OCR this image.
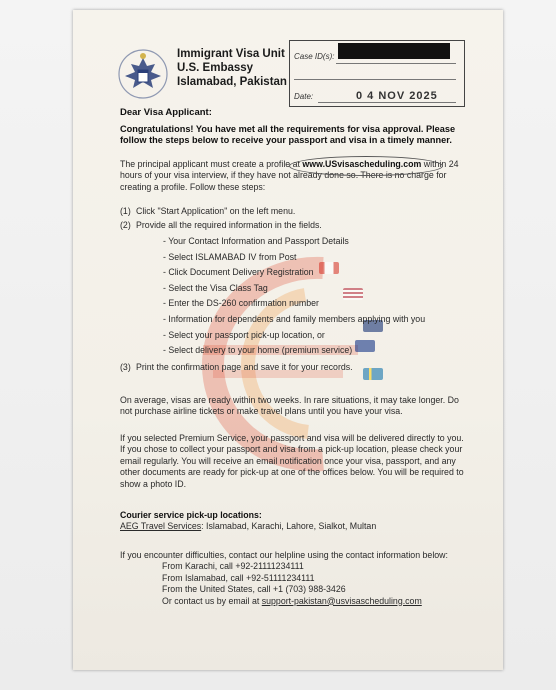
Immigrant Visa Unit
U.S. Embassy
Islamabad, Pakistan
Case ID(s):
Date:	0 4 NOV 2025
Dear Visa Applicant:
Congratulations! You have met all the requirements for visa approval. Please follow the steps below to receive your passport and visa in a timely manner.
The principal applicant must create a profile at www.USvisascheduling.com within 24 hours of your visa interview, if they have not already done so. There is no charge for creating a profile. Follow these steps:
(1) Click "Start Application" on the left menu.
(2) Provide all the required information in the fields.
- Your Contact Information and Passport Details
- Select ISLAMABAD IV from Post
- Click Document Delivery Registration
- Select the Visa Class Tag
- Enter the DS-260 confirmation number
- Information for dependents and family members applying with you
- Select your passport pick-up location, or
- Select delivery to your home (premium service)
(3) Print the confirmation page and save it for your records.
On average, visas are ready within two weeks. In rare situations, it may take longer. Do not purchase airline tickets or make travel plans until you have your visa.
If you selected Premium Service, your passport and visa will be delivered directly to you. If you chose to collect your passport and visa from a pick-up location, please check your email regularly. You will receive an email notification once your visa, passport, and any other documents are ready for pick-up at one of the offices below. You will be required to show a photo ID.
Courier service pick-up locations:
AEG Travel Services: Islamabad, Karachi, Lahore, Sialkot, Multan
If you encounter difficulties, contact our helpline using the contact information below:
From Karachi, call +92-21111234111
From Islamabad, call +92-51111234111
From the United States, call +1 (703) 988-3426
Or contact us by email at support-pakistan@usvisascheduling.com
